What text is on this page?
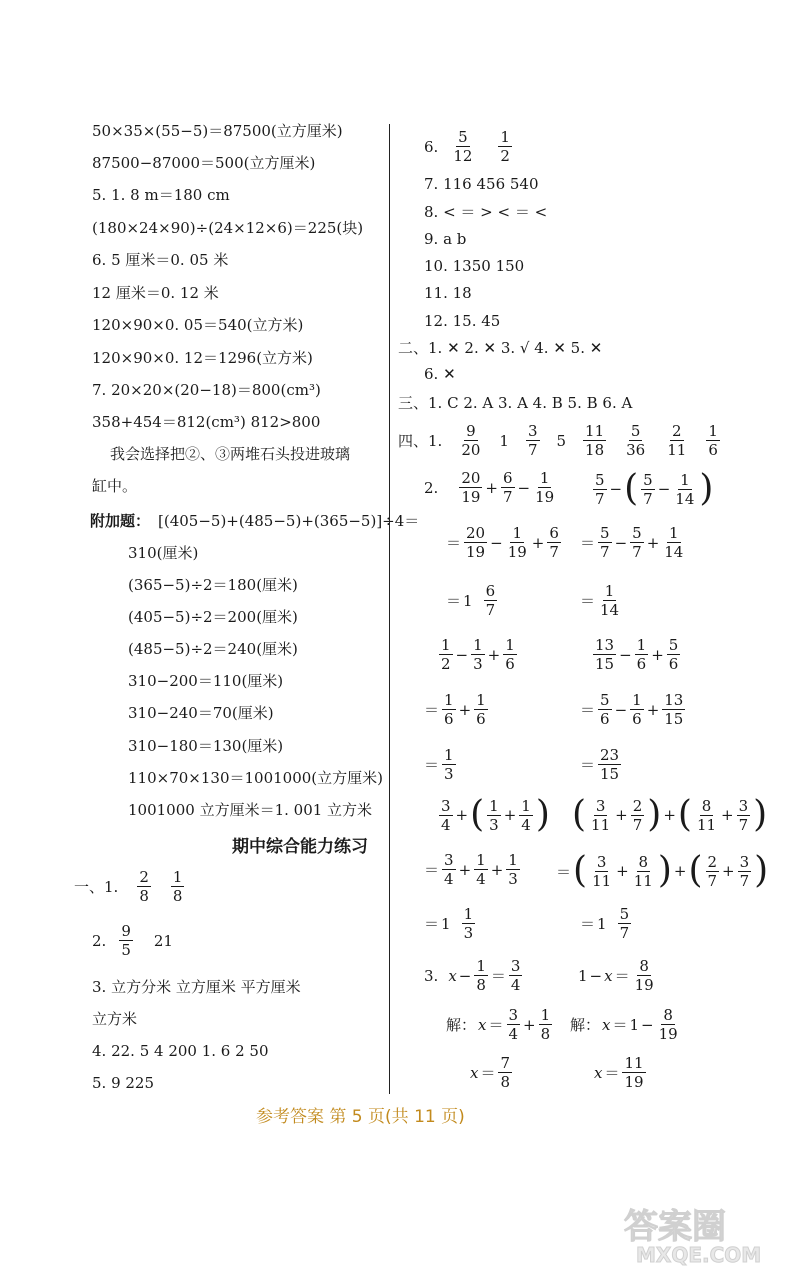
50×35×(55−5)＝87500(立方厘米)
87500−87000＝500(立方厘米)
5. 1. 8 m＝180 cm
(180×24×90)÷(24×12×6)＝225(块)
6. 5 厘米＝0. 05 米
12 厘米＝0. 12 米
120×90×0. 05＝540(立方米)
120×90×0. 12＝1296(立方米)
7. 20×20×(20−18)＝800(cm³)
358+454＝812(cm³) 812>800
我会选择把②、③两堆石头投进玻璃
缸中。
附加题： [(405−5)+(485−5)+(365−5)]÷4＝
310(厘米)
(365−5)÷2＝180(厘米)
(405−5)÷2＝200(厘米)
(485−5)÷2＝240(厘米)
310−200＝110(厘米)
310−240＝70(厘米)
310−180＝130(厘米)
110×70×130＝1001000(立方厘米)
1001000 立方厘米＝1. 001 立方米
期中综合能力练习
一、1. $\frac{2}{8} \frac{1}{8}$
2. $\frac{9}{5} 21$
3. 立方分米 立方厘米 平方厘米
立方米
4. 22. 5 4 200 1. 6 2 50
5. 9 225
6. $\frac{5}{12} \frac{1}{2}$
7. 116 456 540
8. < ＝ > < ＝ <
9. a b
10. 1350 150
11. 18
12. 15. 45
二、1. ✕ 2. ✕ 3. √ 4. ✕ 5. ✕
6. ✕
三、1. C 2. A 3. A 4. B 5. B 6. A
四、1. $\frac{9}{20} 1 \frac{3}{7} 5 \frac{11}{18} \frac{5}{36} \frac{2}{11} \frac{1}{6}$
2. $\frac{20}{19} + \frac{6}{7} - \frac{1}{19}$
＝ $\frac{20}{19} - \frac{1}{19} + \frac{6}{7}$
＝ $1 \frac{6}{7}$
$\frac{5}{7}$ − ( $\frac{5}{7} - \frac{1}{14}$ )
＝ $\frac{5}{7} - \frac{5}{7} + \frac{1}{14}$
＝ $\frac{1}{14}$
$\frac{1}{2} - \frac{1}{3} + \frac{1}{6}$
＝ $\frac{1}{6} + \frac{1}{6}$
＝ $\frac{1}{3}$
$\frac{13}{15} - \frac{1}{6} + \frac{5}{6}$
＝ $\frac{5}{6} - \frac{1}{6} + \frac{13}{15}$
＝ $\frac{23}{15}$
$\frac{3}{4}$ + ( $\frac{1}{3} + \frac{1}{4}$ )
＝ $\frac{3}{4} + \frac{1}{4} + \frac{1}{3}$
＝ $1 \frac{1}{3}$
( $\frac{3}{11} + \frac{2}{7}$ ) + ( $\frac{8}{11} + \frac{3}{7}$ )
＝ ( $\frac{3}{11} + \frac{8}{11}$ ) + ( $\frac{2}{7} + \frac{3}{7}$ )
＝ $1 \frac{5}{7}$
3. $x - \frac{1}{8} = \frac{3}{4}$
解： $x = \frac{3}{4} + \frac{1}{8}$
$x = \frac{7}{8}$
$1 - x = \frac{8}{19}$
解： $x = 1 - \frac{8}{19}$
$x = \frac{11}{19}$
参考答案 第 5 页(共 11 页)
答案圈
MXQE.COM
